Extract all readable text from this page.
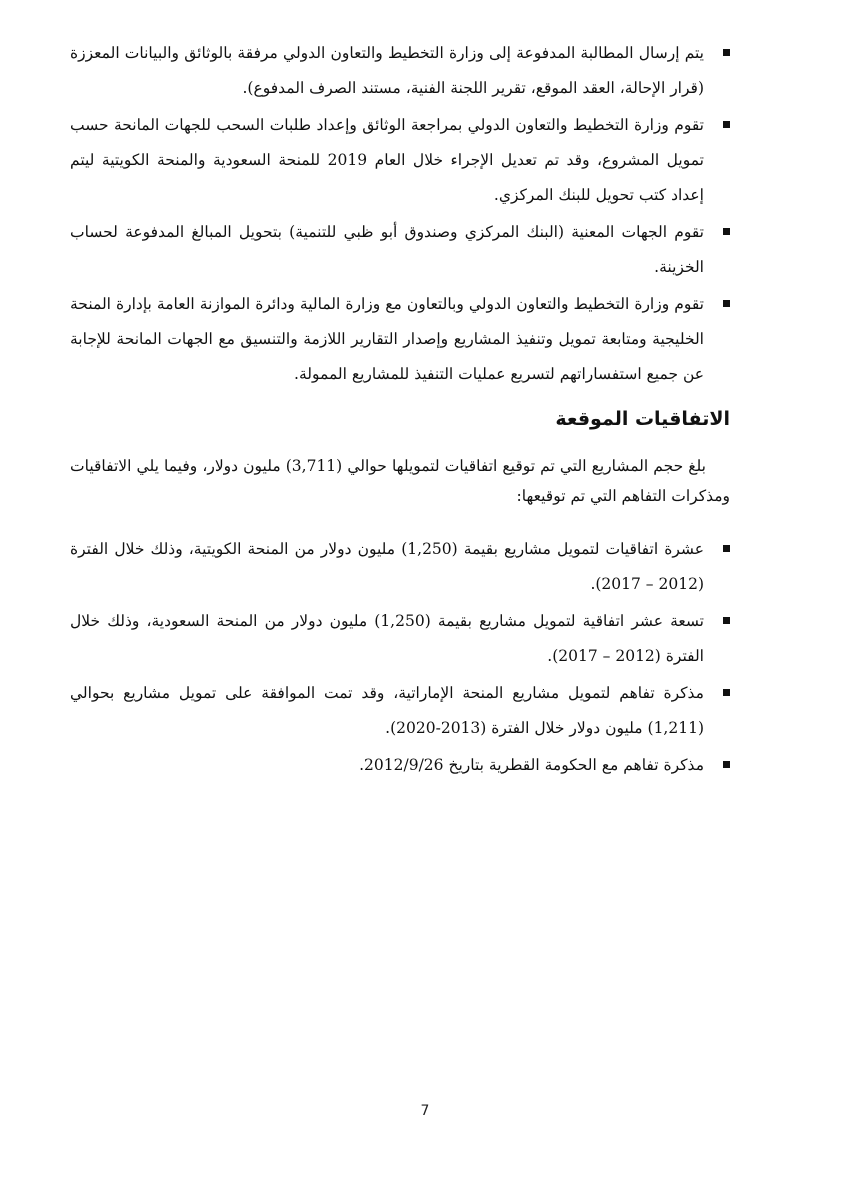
يتم إرسال المطالبة المدفوعة إلى وزارة التخطيط والتعاون الدولي مرفقة بالوثائق والبيانات المعززة (قرار الإحالة، العقد الموقع، تقرير اللجنة الفنية، مستند الصرف المدفوع).
تقوم وزارة التخطيط والتعاون الدولي بمراجعة الوثائق وإعداد طلبات السحب للجهات المانحة حسب تمويل المشروع، وقد تم تعديل الإجراء خلال العام 2019 للمنحة السعودية والمنحة الكويتية ليتم إعداد كتب تحويل للبنك المركزي.
تقوم الجهات المعنية (البنك المركزي وصندوق أبو ظبي للتنمية) بتحويل المبالغ المدفوعة لحساب الخزينة.
تقوم وزارة التخطيط والتعاون الدولي وبالتعاون مع وزارة المالية ودائرة الموازنة العامة بإدارة المنحة الخليجية ومتابعة تمويل وتنفيذ المشاريع وإصدار التقارير اللازمة والتنسيق مع الجهات المانحة للإجابة عن جميع استفساراتهم لتسريع عمليات التنفيذ للمشاريع الممولة.
الاتفاقيات الموقعة
بلغ حجم المشاريع التي تم توقيع اتفاقيات لتمويلها حوالي (3,711) مليون دولار، وفيما يلي الاتفاقيات ومذكرات التفاهم التي تم توقيعها:
عشرة اتفاقيات لتمويل مشاريع بقيمة (1,250) مليون دولار من المنحة الكويتية، وذلك خلال الفترة (2012 – 2017).
تسعة عشر اتفاقية لتمويل مشاريع بقيمة (1,250) مليون دولار من المنحة السعودية، وذلك خلال الفترة (2012 – 2017).
مذكرة تفاهم لتمويل مشاريع المنحة الإماراتية، وقد تمت الموافقة على تمويل مشاريع بحوالي (1,211) مليون دولار خلال الفترة (2013-2020).
مذكرة تفاهم مع الحكومة القطرية بتاريخ 2012/9/26.
7
